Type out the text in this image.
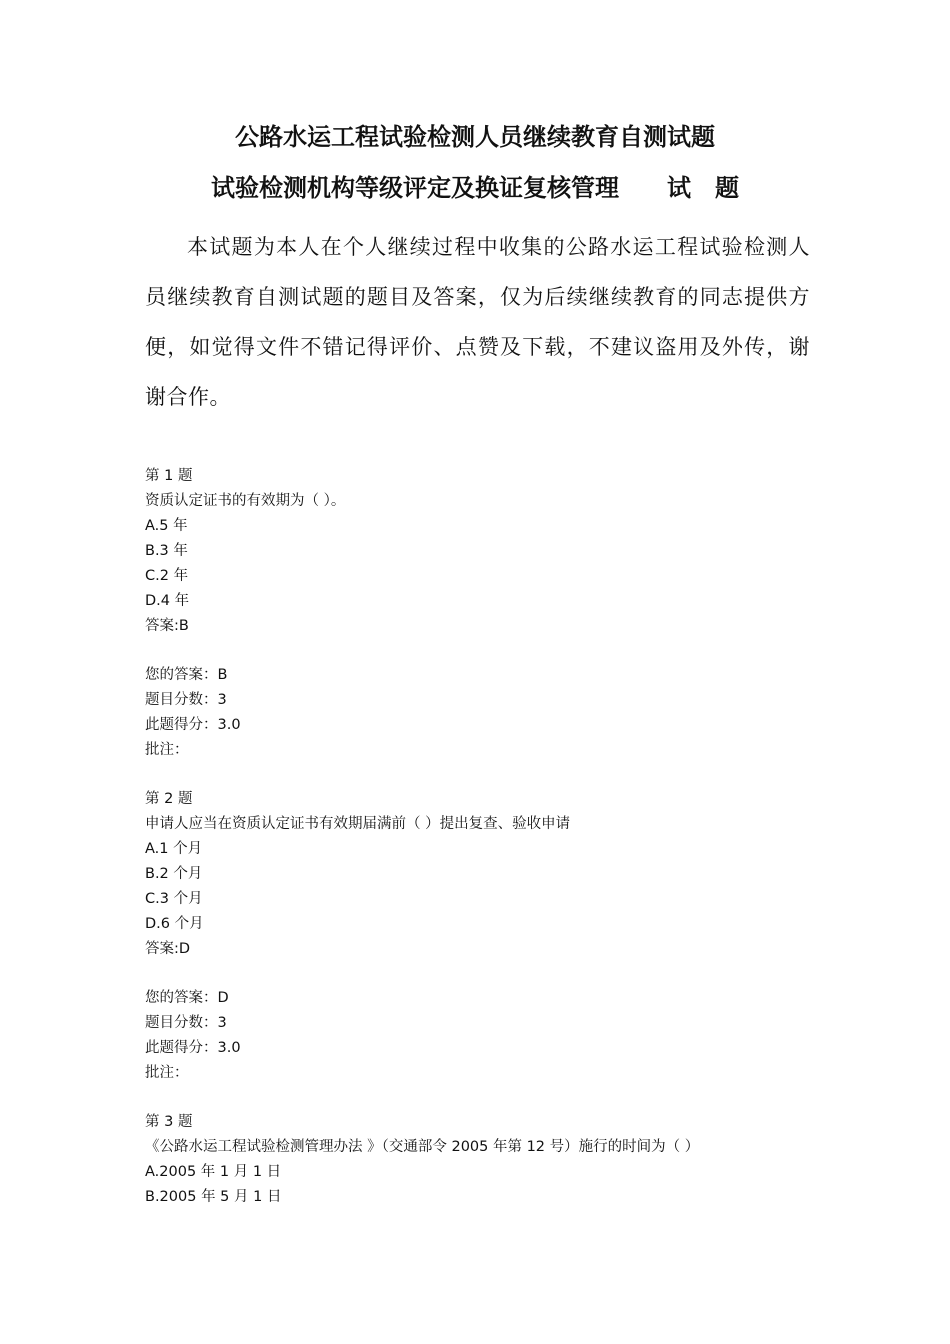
公路水运工程试验检测人员继续教育自测试题
试验检测机构等级评定及换证复核管理　　试　题
本试题为本人在个人继续过程中收集的公路水运工程试验检测人员继续教育自测试题的题目及答案，仅为后续继续教育的同志提供方便，如觉得文件不错记得评价、点赞及下载，不建议盗用及外传，谢谢合作。
第 1 题
资质认定证书的有效期为（ ）。
A.5 年
B.3 年
C.2 年
D.4 年
答案:B
您的答案：B
题目分数：3
此题得分：3.0
批注：
第 2 题
申请人应当在资质认定证书有效期届满前（ ）提出复查、验收申请
A.1 个月
B.2 个月
C.3 个月
D.6 个月
答案:D
您的答案：D
题目分数：3
此题得分：3.0
批注：
第 3 题
《公路水运工程试验检测管理办法 》（交通部令 2005 年第 12 号）施行的时间为（ ）
A.2005 年 1 月 1 日
B.2005 年 5 月 1 日
